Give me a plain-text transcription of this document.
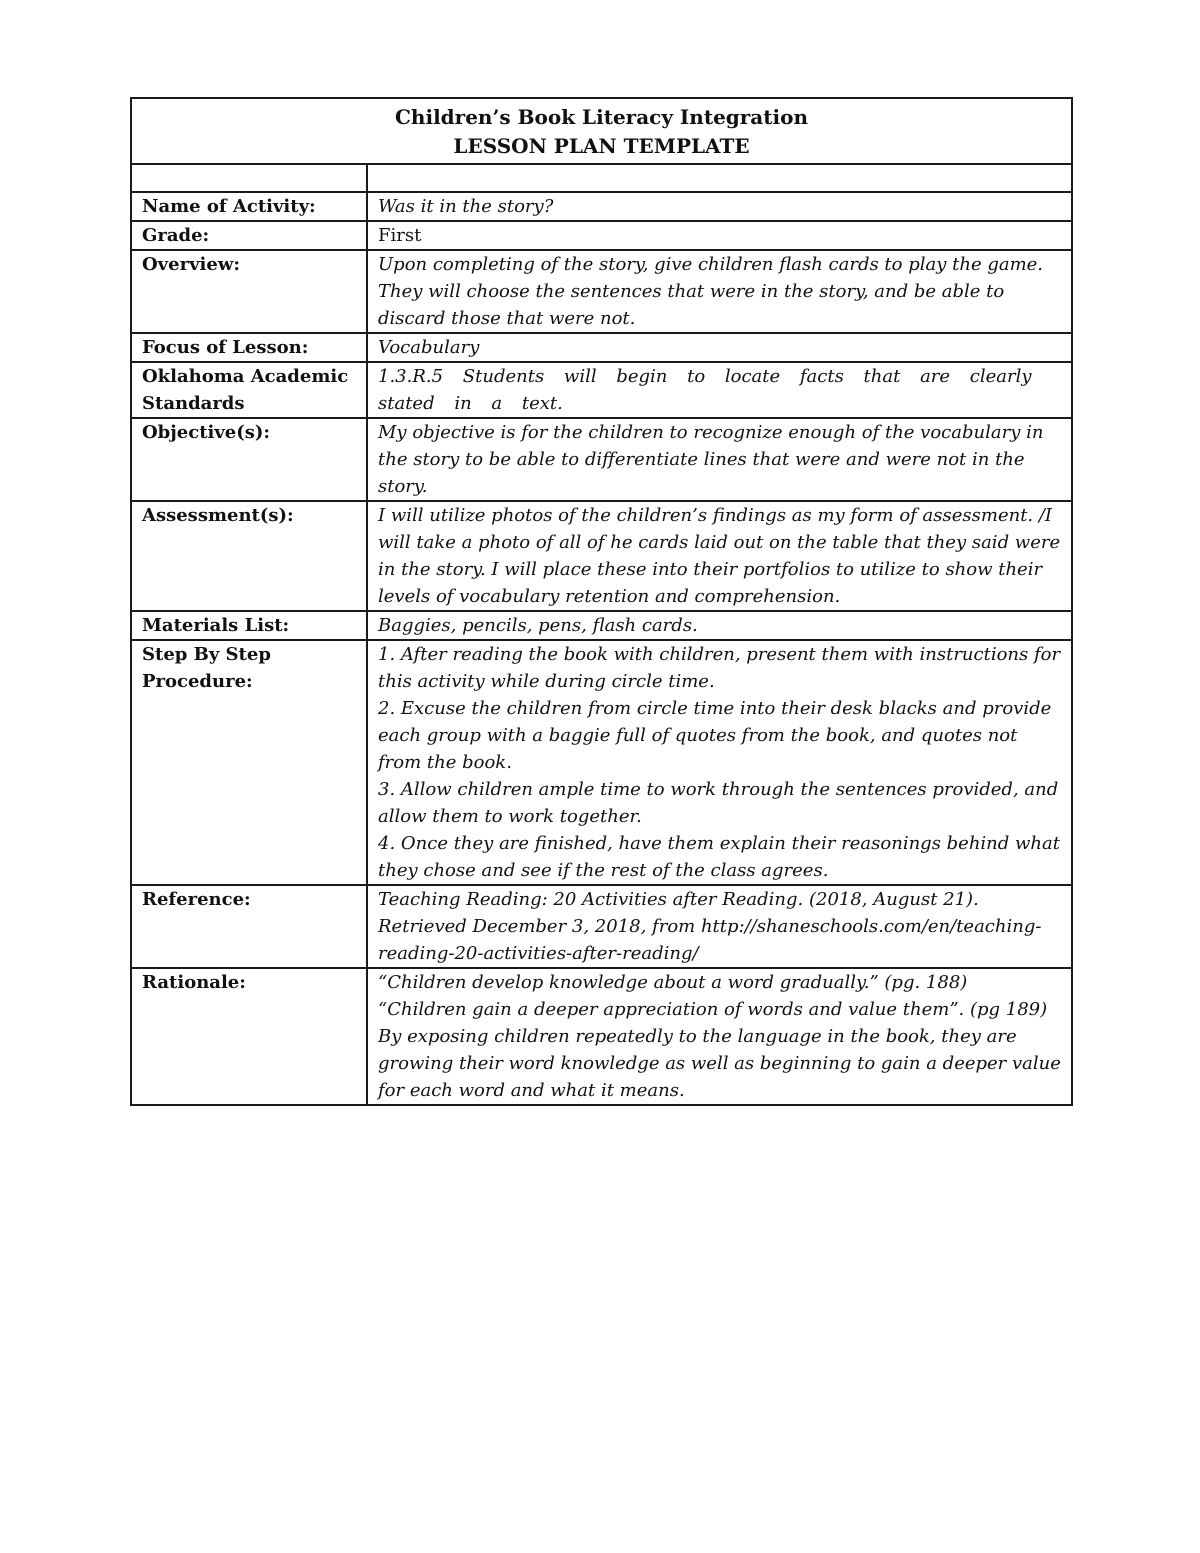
Children’s Book Literacy Integration
LESSON PLAN TEMPLATE	

Name of Activity:	Was it in the story?
Grade:	First
Overview:	Upon completing of the story, give children flash cards to play the game. They will choose the sentences that were in the story, and be able to discard those that were not.
Focus of Lesson:	Vocabulary
Oklahoma Academic
Standards	1.3.R.5 Students will begin to locate facts that are clearly stated in a text.
Objective(s):	My objective is for the children to recognize enough of the vocabulary in the story to be able to differentiate lines that were and were not in the story.
Assessment(s):	I will utilize photos of the children’s findings as my form of assessment. /I will take a photo of all of he cards laid out on the table that they said were in the story. I will place these into their portfolios to utilize to show their levels of vocabulary retention and comprehension.
Materials List:	Baggies, pencils, pens, flash cards.
Step By Step
Procedure:	1. After reading the book with children, present them with instructions for this activity while during circle time.
2. Excuse the children from circle time into their desk blacks and provide each group with a baggie full of quotes from the book, and quotes not from the book.
3. Allow children ample time to work through the sentences provided, and allow them to work together.
4. Once they are finished, have them explain their reasonings behind what they chose and see if the rest of the class agrees.
Reference:	Teaching Reading: 20 Activities after Reading. (2018, August 21). Retrieved December 3, 2018, from http://shaneschools.com/en/teaching-reading-20-activities-after-reading/
Rationale:	“Children develop knowledge about a word gradually.” (pg. 188) “Children gain a deeper appreciation of words and value them”. (pg 189) By exposing children repeatedly to the language in the book, they are growing their word knowledge as well as beginning to gain a deeper value for each word and what it means.
